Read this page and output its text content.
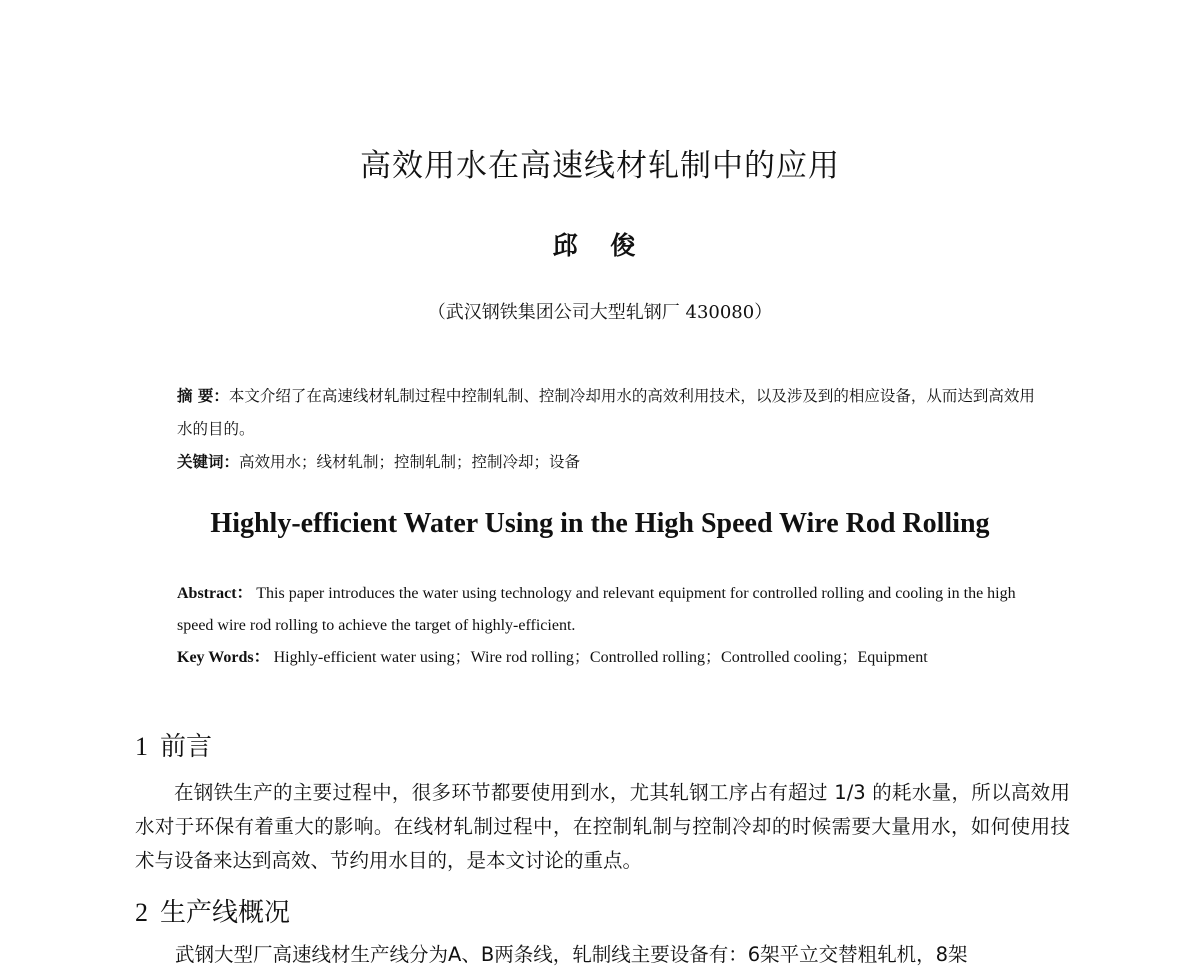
高效用水在高速线材轧制中的应用
邱 俊
（武汉钢铁集团公司大型轧钢厂 430080）

摘 要：本文介绍了在高速线材轧制过程中控制轧制、控制冷却用水的高效利用技术，以及涉及到的相应设备，从而达到高效用水的目的。

关键词：高效用水；线材轧制；控制轧制；控制冷却；设备

Highly-efficient Water Using in the High Speed Wire Rod Rolling

Abstract： This paper introduces the water using technology and relevant equipment for controlled rolling and cooling in the high speed wire rod rolling to achieve the target of highly-efficient.

Key Words： Highly-efficient water using；Wire rod rolling；Controlled rolling；Controlled cooling；Equipment

1 前言

在钢铁生产的主要过程中，很多环节都要使用到水，尤其轧钢工序占有超过 1/3 的耗水量，所以高效用水对于环保有着重大的影响。在线材轧制过程中，在控制轧制与控制冷却的时候需要大量用水，如何使用技术与设备来达到高效、节约用水目的，是本文讨论的重点。

2 生产线概况
武钢大型厂高速线材生产线分为A、B两条线，轧制线主要设备有：6架平立交替粗轧机，8架
